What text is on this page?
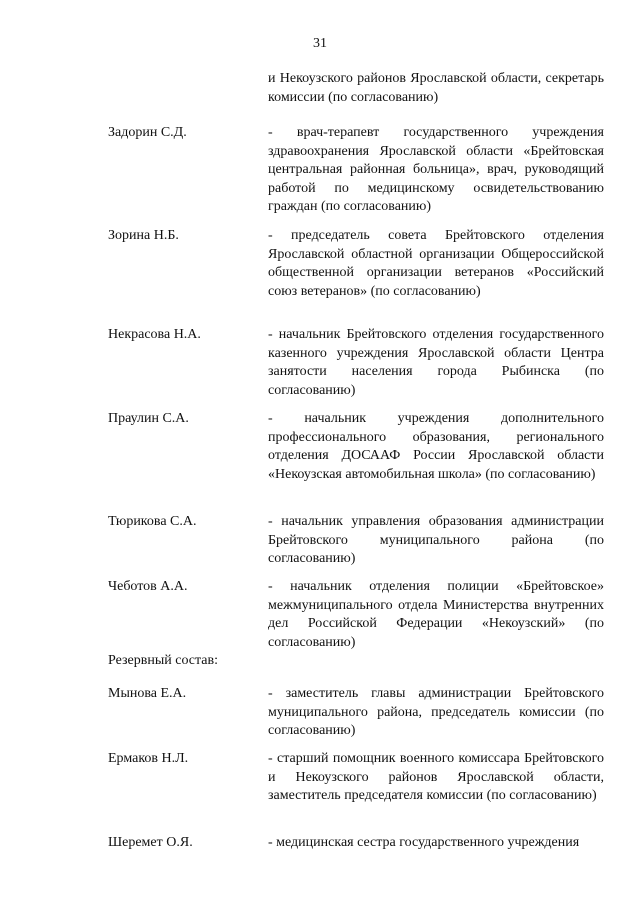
31
и Некоузского районов Ярославской области, секретарь комиссии (по согласованию)
Задорин С.Д.	- врач-терапевт государственного учреждения здравоохранения Ярославской области «Брейтовская центральная районная больница», врач, руководящий работой по медицинскому освидетельствованию граждан (по согласованию)
Зорина Н.Б.	- председатель совета Брейтовского отделения Ярославской областной организации Общероссийской общественной организации ветеранов «Российский союз ветеранов» (по согласованию)
Некрасова Н.А.	- начальник Брейтовского отделения государственного казенного учреждения Ярославской области Центра занятости населения города Рыбинска (по согласованию)
Праулин С.А.	- начальник учреждения дополнительного профессионального образования, регионального отделения ДОСААФ России Ярославской области «Некоузская автомобильная школа» (по согласованию)
Тюрикова С.А.	- начальник управления образования администрации Брейтовского муниципального района (по согласованию)
Чеботов А.А.	- начальник отделения полиции «Брейтовское» межмуниципального отдела Министерства внутренних дел Российской Федерации «Некоузский» (по согласованию)
Резервный состав:
Мынова Е.А.	- заместитель главы администрации Брейтовского муниципального района, председатель комиссии (по согласованию)
Ермаков Н.Л.	- старший помощник военного комиссара Брейтовского и Некоузского районов Ярославской области, заместитель председателя комиссии (по согласованию)
Шеремет О.Я.	- медицинская сестра государственного учреждения
